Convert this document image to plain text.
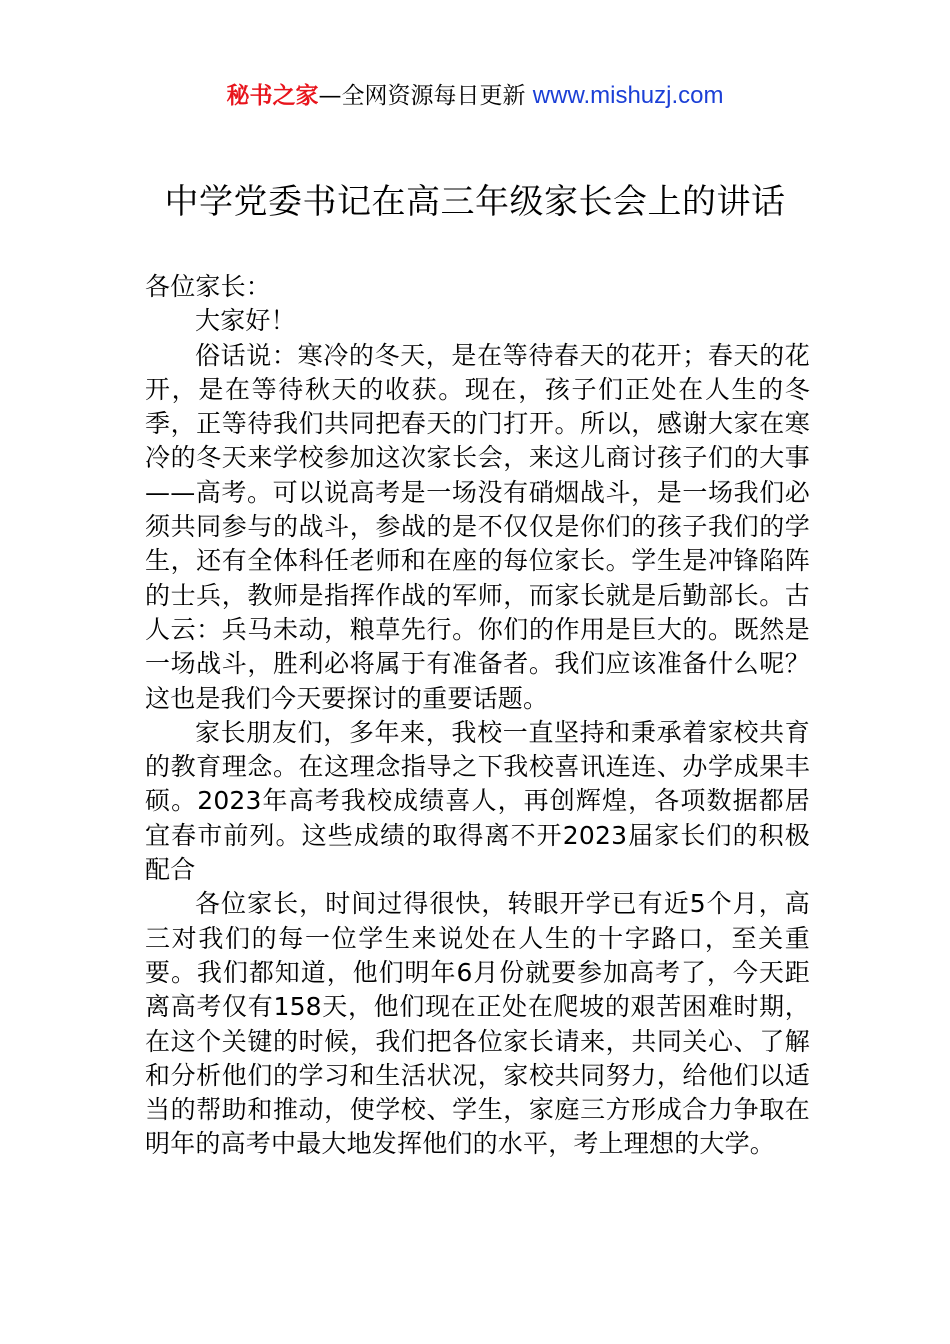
秘书之家—全网资源每日更新 www.mishuzj.com
中学党委书记在高三年级家长会上的讲话

各位家长：

大家好！

俗话说：寒冷的冬天，是在等待春天的花开；春天的花开，是在等待秋天的收获。现在，孩子们正处在人生的冬季，正等待我们共同把春天的门打开。所以，感谢大家在寒冷的冬天来学校参加这次家长会，来这儿商讨孩子们的大事——高考。可以说高考是一场没有硝烟战斗，是一场我们必须共同参与的战斗，参战的是不仅仅是你们的孩子我们的学生，还有全体科任老师和在座的每位家长。学生是冲锋陷阵的士兵，教师是指挥作战的军师，而家长就是后勤部长。古人云：兵马未动，粮草先行。你们的作用是巨大的。既然是一场战斗，胜利必将属于有准备者。我们应该准备什么呢？这也是我们今天要探讨的重要话题。

家长朋友们，多年来，我校一直坚持和秉承着家校共育的教育理念。在这理念指导之下我校喜讯连连、办学成果丰硕。2023年高考我校成绩喜人，再创辉煌，各项数据都居宜春市前列。这些成绩的取得离不开2023届家长们的积极配合

各位家长，时间过得很快，转眼开学已有近5个月，高三对我们的每一位学生来说处在人生的十字路口，至关重要。我们都知道，他们明年6月份就要参加高考了，今天距离高考仅有158天，他们现在正处在爬坡的艰苦困难时期，在这个关键的时候，我们把各位家长请来，共同关心、了解和分析他们的学习和生活状况，家校共同努力，给他们以适当的帮助和推动，使学校、学生，家庭三方形成合力争取在明年的高考中最大地发挥他们的水平，考上理想的大学。
